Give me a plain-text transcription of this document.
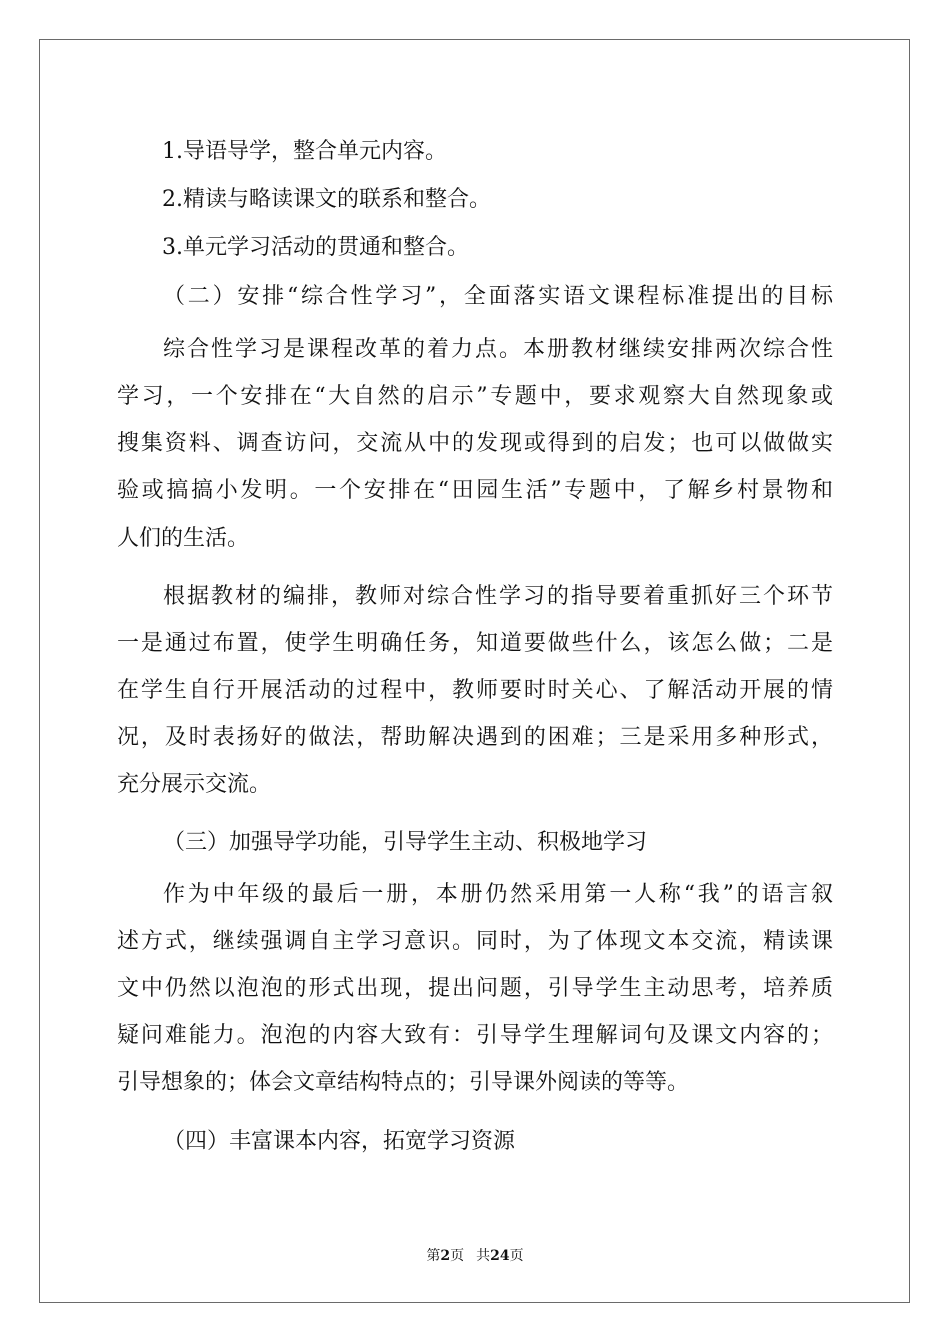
1.导语导学，整合单元内容。
2.精读与略读课文的联系和整合。
3.单元学习活动的贯通和整合。
（二）安排“综合性学习”，全面落实语文课程标准提出的目标
综合性学习是课程改革的着力点。本册教材继续安排两次综合性
学习，一个安排在“大自然的启示”专题中，要求观察大自然现象或
搜集资料、调查访问，交流从中的发现或得到的启发；也可以做做实
验或搞搞小发明。一个安排在“田园生活”专题中，了解乡村景物和
人们的生活。
根据教材的编排，教师对综合性学习的指导要着重抓好三个环节
一是通过布置，使学生明确任务，知道要做些什么，该怎么做；二是
在学生自行开展活动的过程中，教师要时时关心、了解活动开展的情
况，及时表扬好的做法，帮助解决遇到的困难；三是采用多种形式，
充分展示交流。
（三）加强导学功能，引导学生主动、积极地学习
作为中年级的最后一册，本册仍然采用第一人称“我”的语言叙
述方式，继续强调自主学习意识。同时，为了体现文本交流，精读课
文中仍然以泡泡的形式出现，提出问题，引导学生主动思考，培养质
疑问难能力。泡泡的内容大致有：引导学生理解词句及课文内容的；
引导想象的；体会文章结构特点的；引导课外阅读的等等。
（四）丰富课本内容，拓宽学习资源
第2页 共24页
